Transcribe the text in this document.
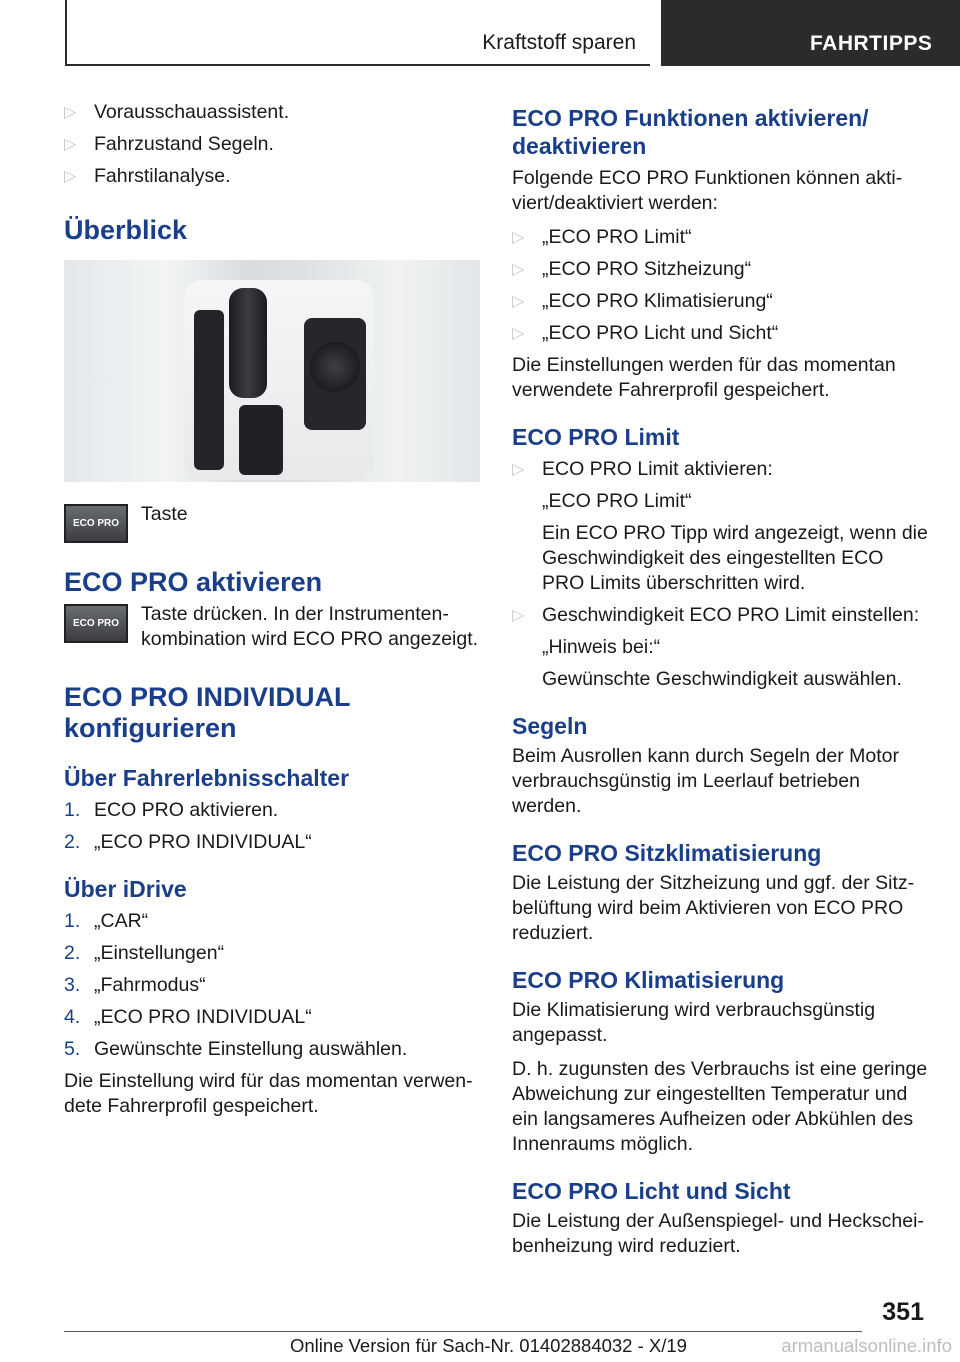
Kraftstoff sparen	FAHRTIPPS
▷ Vorausschauassistent.
▷ Fahrzustand Segeln.
▷ Fahrstilanalyse.
Überblick
ECO PRO	Taste
ECO PRO aktivieren
ECO PRO	Taste drücken. In der Instrumentenkombination wird ECO PRO angezeigt.
ECO PRO INDIVIDUAL konfigurieren
Über Fahrerlebnisschalter
1. ECO PRO aktivieren.
2. „ECO PRO INDIVIDUAL“
Über iDrive
1. „CAR“
2. „Einstellungen“
3. „Fahrmodus“
4. „ECO PRO INDIVIDUAL“
5. Gewünschte Einstellung auswählen.

Die Einstellung wird für das momentan verwendete Fahrerprofil gespeichert.

ECO PRO Funktionen aktivieren/ deaktivieren

Folgende ECO PRO Funktionen können aktiviert/deaktiviert werden:

▷ „ECO PRO Limit“
▷ „ECO PRO Sitzheizung“
▷ „ECO PRO Klimatisierung“
▷ „ECO PRO Licht und Sicht“

Die Einstellungen werden für das momentan verwendete Fahrerprofil gespeichert.

ECO PRO Limit
▷ ECO PRO Limit aktivieren:
„ECO PRO Limit“
Ein ECO PRO Tipp wird angezeigt, wenn die Geschwindigkeit des eingestellten ECO PRO Limits überschritten wird.
▷ Geschwindigkeit ECO PRO Limit einstellen:
„Hinweis bei:“
Gewünschte Geschwindigkeit auswählen.
Segeln

Beim Ausrollen kann durch Segeln der Motor verbrauchsgünstig im Leerlauf betrieben werden.

ECO PRO Sitzklimatisierung

Die Leistung der Sitzheizung und ggf. der Sitzbelüftung wird beim Aktivieren von ECO PRO reduziert.

ECO PRO Klimatisierung

Die Klimatisierung wird verbrauchsgünstig angepasst.

D. h. zugunsten des Verbrauchs ist eine geringe Abweichung zur eingestellten Temperatur und ein langsameres Aufheizen oder Abkühlen des Innenraums möglich.

ECO PRO Licht und Sicht

Die Leistung der Außenspiegel- und Heckscheibenheizung wird reduziert.

351
Online Version für Sach-Nr. 01402884032 - X/19	armanualsonline.info
